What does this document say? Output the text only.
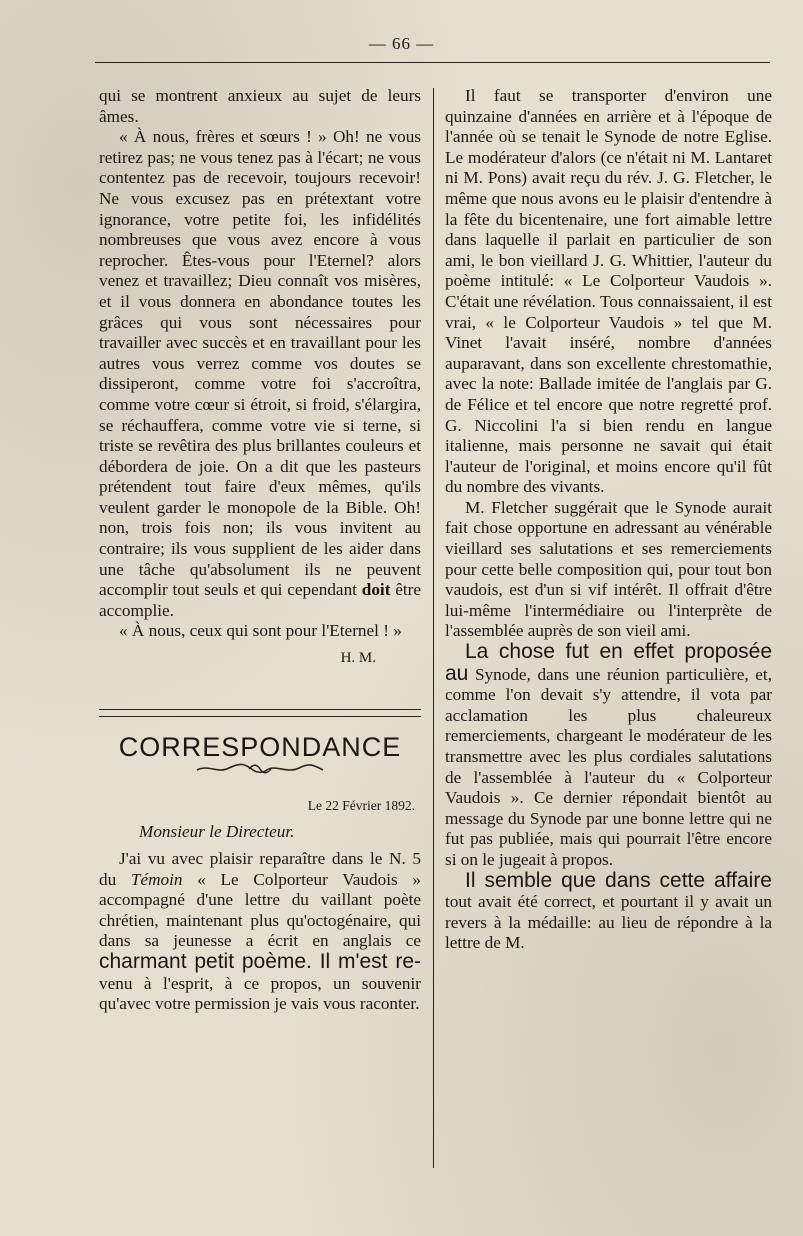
— 66 —

qui se montrent anxieux au sujet de leurs âmes.

« À nous, frères et sœurs ! » Oh! ne vous retirez pas; ne vous tenez pas à l'écart; ne vous contentez pas de recevoir, toujours recevoir! Ne vous excusez pas en prétextant votre ignorance, votre petite foi, les infidélités nombreuses que vous avez encore à vous reprocher. Êtes-vous pour l'Eternel? alors venez et travaillez; Dieu connaît vos misères, et il vous donnera en abondance toutes les grâces qui vous sont nécessaires pour travailler avec succès et en travaillant pour les autres vous verrez comme vos doutes se dissiperont, comme votre foi s'accroîtra, comme votre cœur si étroit, si froid, s'élargira, se réchauffera, comme votre vie si terne, si triste se revêtira des plus brillantes couleurs et débordera de joie. On a dit que les pasteurs prétendent tout faire d'eux mêmes, qu'ils veulent garder le monopole de la Bible. Oh! non, trois fois non; ils vous invitent au contraire; ils vous supplient de les aider dans une tâche qu'absolument ils ne peuvent accomplir tout seuls et qui cependant doit être accomplie.

« À nous, ceux qui sont pour l'Eternel ! »

H. M.

CORRESPONDANCE

Le 22 Février 1892.

Monsieur le Directeur.

J'ai vu avec plaisir reparaître dans le N. 5 du Témoin « Le Colporteur Vaudois » accompagné d'une lettre du vaillant poète chrétien, maintenant plus qu'octogénaire, qui dans sa jeunesse a écrit en anglais ce charmant petit poème. Il m'est re-venu à l'esprit, à ce propos, un souvenir qu'avec votre permission je vais vous raconter.

Il faut se transporter d'environ une quinzaine d'années en arrière et à l'époque de l'année où se tenait le Synode de notre Eglise. Le modérateur d'alors (ce n'était ni M. Lantaret ni M. Pons) avait reçu du rév. J. G. Fletcher, le même que nous avons eu le plaisir d'entendre à la fête du bicentenaire, une fort aimable lettre dans laquelle il parlait en particulier de son ami, le bon vieillard J. G. Whittier, l'auteur du poème intitulé: « Le Colporteur Vaudois ». C'était une révélation. Tous connaissaient, il est vrai, « le Colporteur Vaudois » tel que M. Vinet l'avait inséré, nombre d'années auparavant, dans son excellente chrestomathie, avec la note: Ballade imitée de l'anglais par G. de Félice et tel encore que notre regretté prof. G. Niccolini l'a si bien rendu en langue italienne, mais personne ne savait qui était l'auteur de l'original, et moins encore qu'il fût du nombre des vivants.

M. Fletcher suggérait que le Synode aurait fait chose opportune en adressant au vénérable vieillard ses salutations et ses remerciements pour cette belle composition qui, pour tout bon vaudois, est d'un si vif intérêt. Il offrait d'être lui-même l'intermédiaire ou l'interprète de l'assemblée auprès de son vieil ami.

La chose fut en effet proposée au Synode, dans une réunion particulière, et, comme l'on devait s'y attendre, il vota par acclamation les plus chaleureux remerciements, chargeant le modérateur de les transmettre avec les plus cordiales salutations de l'assemblée à l'auteur du « Colporteur Vaudois ». Ce dernier répondait bientôt au message du Synode par une bonne lettre qui ne fut pas publiée, mais qui pourrait l'être encore si on le jugeait à propos.

Il semble que dans cette affaire tout avait été correct, et pourtant il y avait un revers à la médaille: au lieu de répondre à la lettre de M.
